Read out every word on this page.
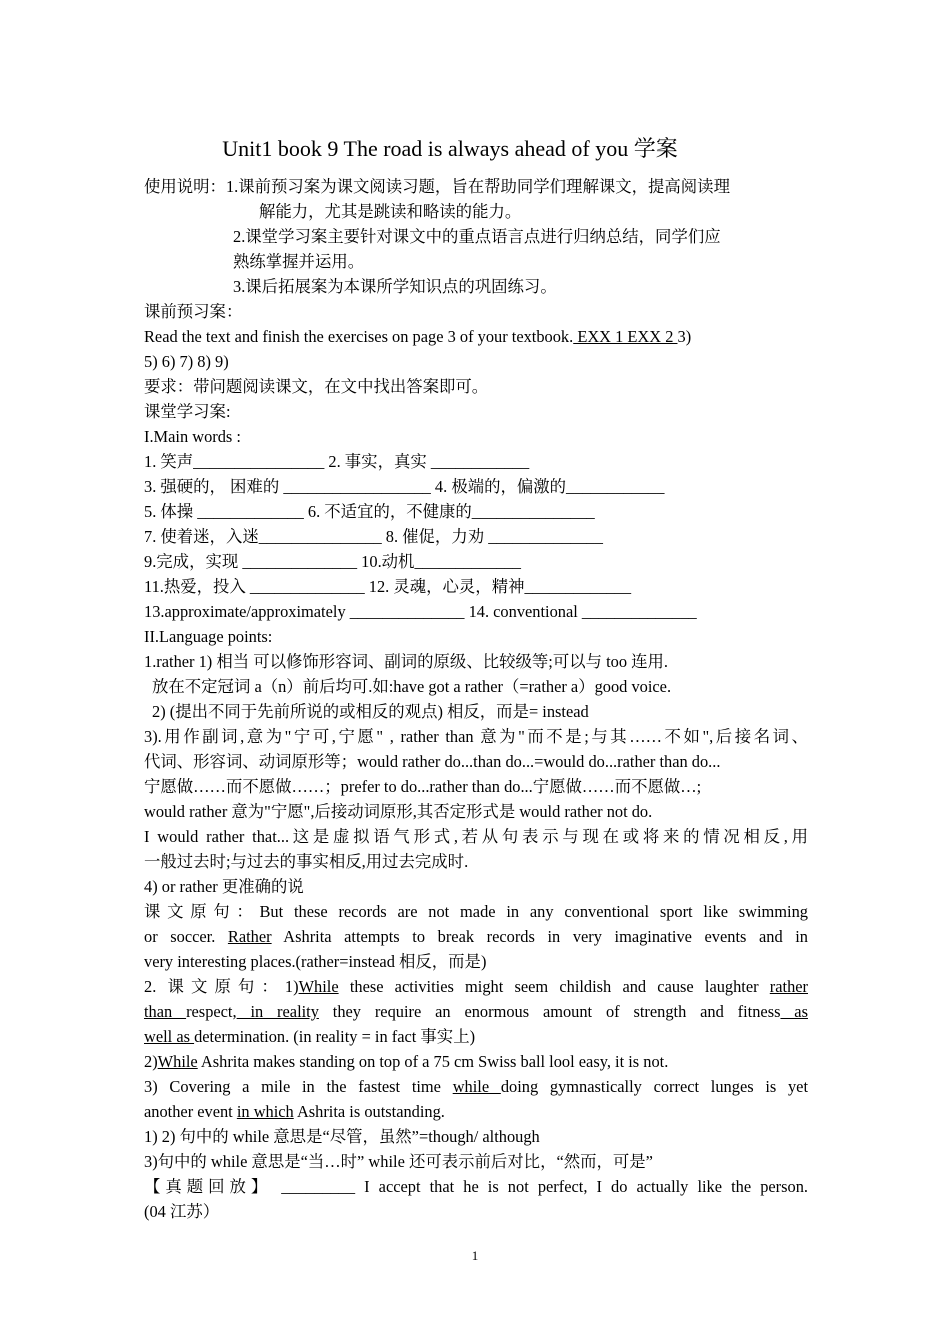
Unit1 book 9 The road is always ahead of you 学案
使用说明：1.课前预习案为课文阅读习题，旨在帮助同学们理解课文，提高阅读理
解能力，尤其是跳读和略读的能力。
2.课堂学习案主要针对课文中的重点语言点进行归纳总结，同学们应
熟练掌握并运用。
3.课后拓展案为本课所学知识点的巩固练习。
课前预习案：
Read the text and finish the exercises on page 3 of your textbook. EXX 1 EXX 2 3)
5) 6) 7) 8) 9)
要求：带问题阅读课文，在文中找出答案即可。
课堂学习案:
I.Main words :
1. 笑声________________ 2. 事实，真实 ____________
3. 强硬的， 困难的 __________________ 4. 极端的，偏激的____________
5. 体操 _____________ 6. 不适宜的，不健康的_______________
7. 使着迷，入迷_______________ 8. 催促，力劝 ______________
9.完成，实现 ______________ 10.动机_____________
11.热爱，投入 ______________ 12. 灵魂，心灵，精神_____________
13.approximate/approximately ______________ 14. conventional ______________
II.Language points:
1.rather 1) 相当 可以修饰形容词、副词的原级、比较级等;可以与 too 连用.
放在不定冠词 a（n）前后均可.如:have got a rather（=rather a）good voice.
2) (提出不同于先前所说的或相反的观点) 相反，而是= instead
3).用作副词,意为"宁可,宁愿" , rather than 意为"而不是;与其……不如",后接名词、
代词、形容词、动词原形等；would rather do...than do...=would do...rather than do...
宁愿做……而不愿做……；prefer to do...rather than do...宁愿做……而不愿做…;
would rather 意为"宁愿",后接动词原形,其否定形式是 would rather not do.
I would rather that...这是虚拟语气形式,若从句表示与现在或将来的情况相反,用
一般过去时;与过去的事实相反,用过去完成时.
4) or rather 更准确的说
课文原句：But these records are not made in any conventional sport like swimming
or soccer. Rather Ashrita attempts to break records in very imaginative events and in
very interesting places.(rather=instead 相反，而是)
2. 课文原句：1)While these activities might seem childish and cause laughter rather
than respect, in reality they require an enormous amount of strength and fitness as
well as determination. (in reality = in fact 事实上)
2)While Ashrita makes standing on top of a 75 cm Swiss ball lool easy, it is not.
3) Covering a mile in the fastest time while doing gymnastically correct lunges is yet
another event in which Ashrita is outstanding.
1) 2) 句中的 while 意思是“尽管，虽然”=though/ although
3)句中的 while 意思是“当…时” while 还可表示前后对比，“然而，可是”
【真题回放】 _________ I accept that he is not perfect, I do actually like the person.
(04 江苏）
1
